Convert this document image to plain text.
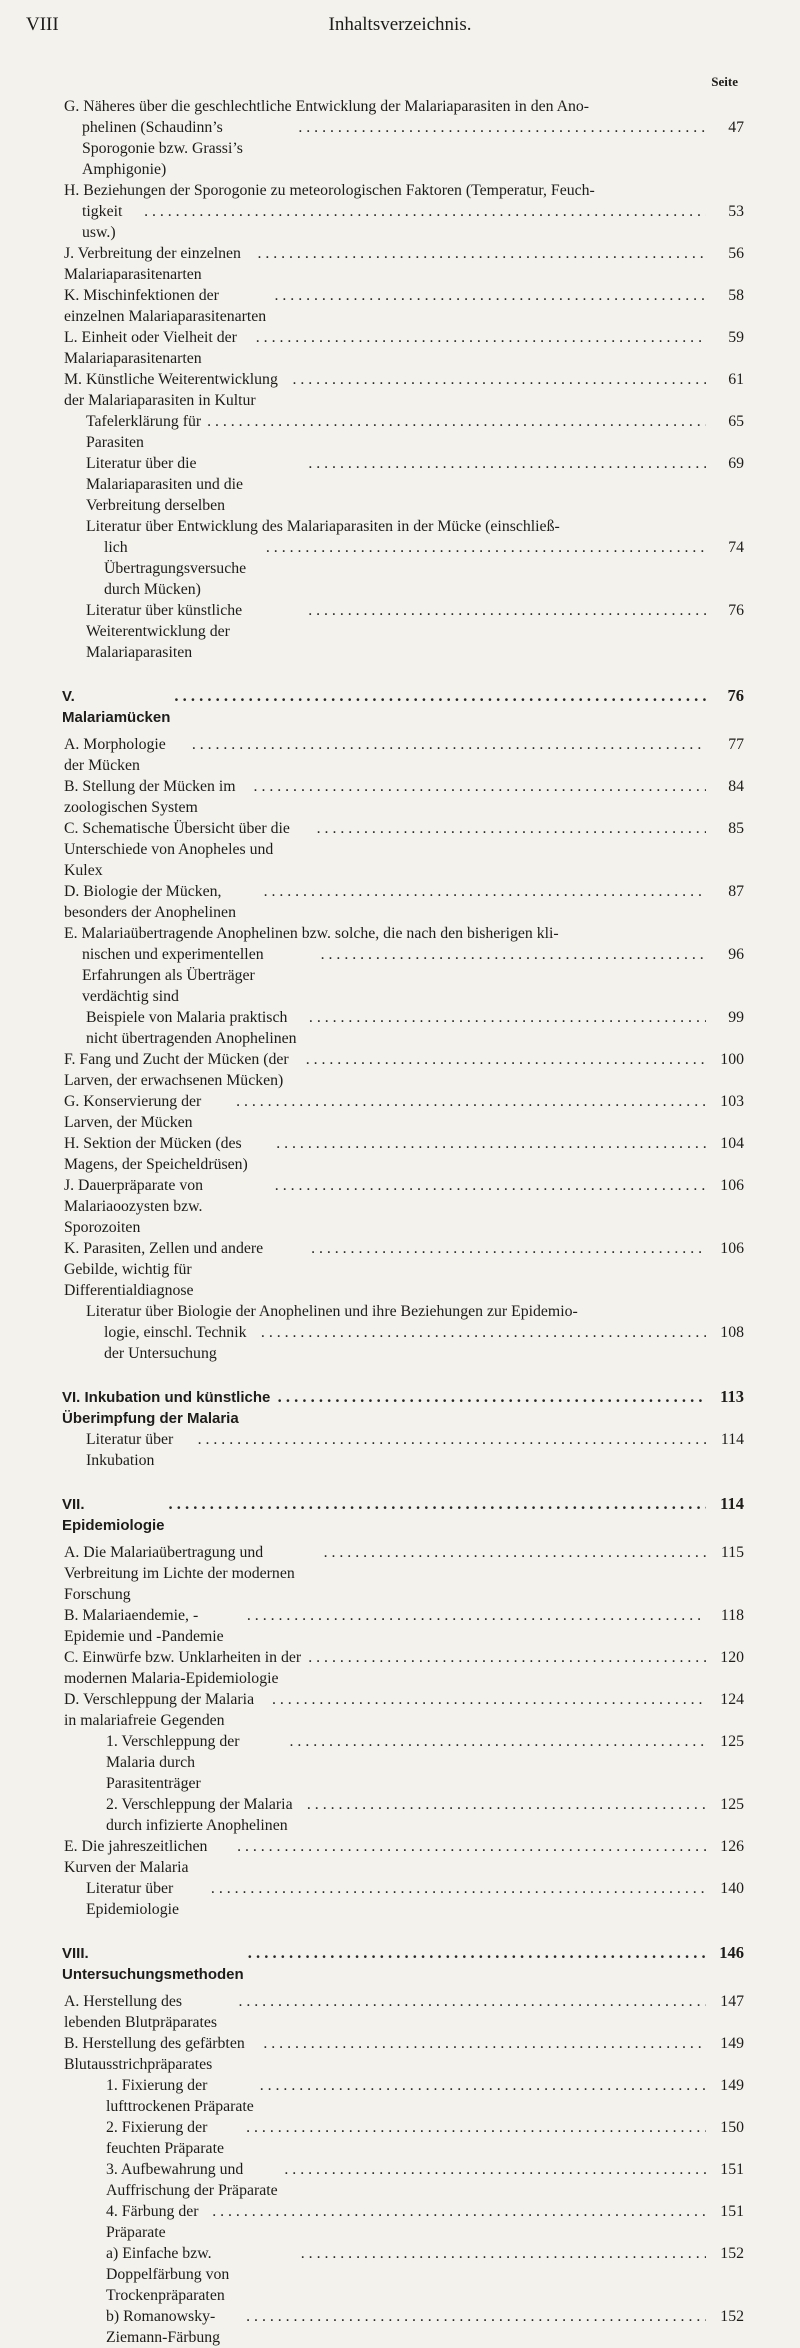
VIII	Inhaltsverzeichnis.
Seite
G. Näheres über die geschlechtliche Entwicklung der Malariaparasiten in den Ano-
phelinen (Schaudinn’s Sporogonie bzw. Grassi’s Amphigonie)
. . .
47
H. Beziehungen der Sporogonie zu meteorologischen Faktoren (Temperatur, Feuch-
tigkeit usw.)
. . .
53
J. Verbreitung der einzelnen Malariaparasitenarten
. . .
56
K. Mischinfektionen der einzelnen Malariaparasitenarten
. . .
58
L. Einheit oder Vielheit der Malariaparasitenarten
. . .
59
M. Künstliche Weiterentwicklung der Malariaparasiten in Kultur
. . .
61
Tafelerklärung für Parasiten
. . .
65
Literatur über die Malariaparasiten und die Verbreitung derselben
. . .
69
Literatur über Entwicklung des Malariaparasiten in der Mücke (einschließ-
lich Übertragungsversuche durch Mücken)
. . .
74
Literatur über künstliche Weiterentwicklung der Malariaparasiten
. . .
76
V. Malariamücken
. . .
76
A. Morphologie der Mücken
. . .
77
B. Stellung der Mücken im zoologischen System
. . .
84
C. Schematische Übersicht über die Unterschiede von Anopheles und Kulex
. . .
85
D. Biologie der Mücken, besonders der Anophelinen
. . .
87
E. Malariaübertragende Anophelinen bzw. solche, die nach den bisherigen kli-
nischen und experimentellen Erfahrungen als Überträger verdächtig sind
. . .
96
Beispiele von Malaria praktisch nicht übertragenden Anophelinen
. . .
99
F. Fang und Zucht der Mücken (der Larven, der erwachsenen Mücken)
. . .
100
G. Konservierung der Larven, der Mücken
. . .
103
H. Sektion der Mücken (des Magens, der Speicheldrüsen)
. . .
104
J. Dauerpräparate von Malariaoozysten bzw. Sporozoiten
. . .
106
K. Parasiten, Zellen und andere Gebilde, wichtig für Differentialdiagnose
. . .
106
Literatur über Biologie der Anophelinen und ihre Beziehungen zur Epidemio-
logie, einschl. Technik der Untersuchung
. . .
108
VI. Inkubation und künstliche Überimpfung der Malaria
. . .
113
Literatur über Inkubation
. . .
114
VII. Epidemiologie
. . .
114
A. Die Malariaübertragung und Verbreitung im Lichte der modernen Forschung
. . .
115
B. Malariaendemie, -Epidemie und -Pandemie
. . .
118
C. Einwürfe bzw. Unklarheiten in der modernen Malaria-Epidemiologie
. . .
120
D. Verschleppung der Malaria in malariafreie Gegenden
. . .
124
1. Verschleppung der Malaria durch Parasitenträger
. . .
125
2. Verschleppung der Malaria durch infizierte Anophelinen
. . .
125
E. Die jahreszeitlichen Kurven der Malaria
. . .
126
Literatur über Epidemiologie
. . .
140
VIII. Untersuchungsmethoden
. . .
146
A. Herstellung des lebenden Blutpräparates
. . .
147
B. Herstellung des gefärbten Blutausstrichpräparates
. . .
149
1. Fixierung der lufttrockenen Präparate
. . .
149
2. Fixierung der feuchten Präparate
. . .
150
3. Aufbewahrung und Auffrischung der Präparate
. . .
151
4. Färbung der Präparate
. . .
151
a) Einfache bzw. Doppelfärbung von Trockenpräparaten
. . .
152
b) Romanowsky-Ziemann-Färbung
. . .
152
